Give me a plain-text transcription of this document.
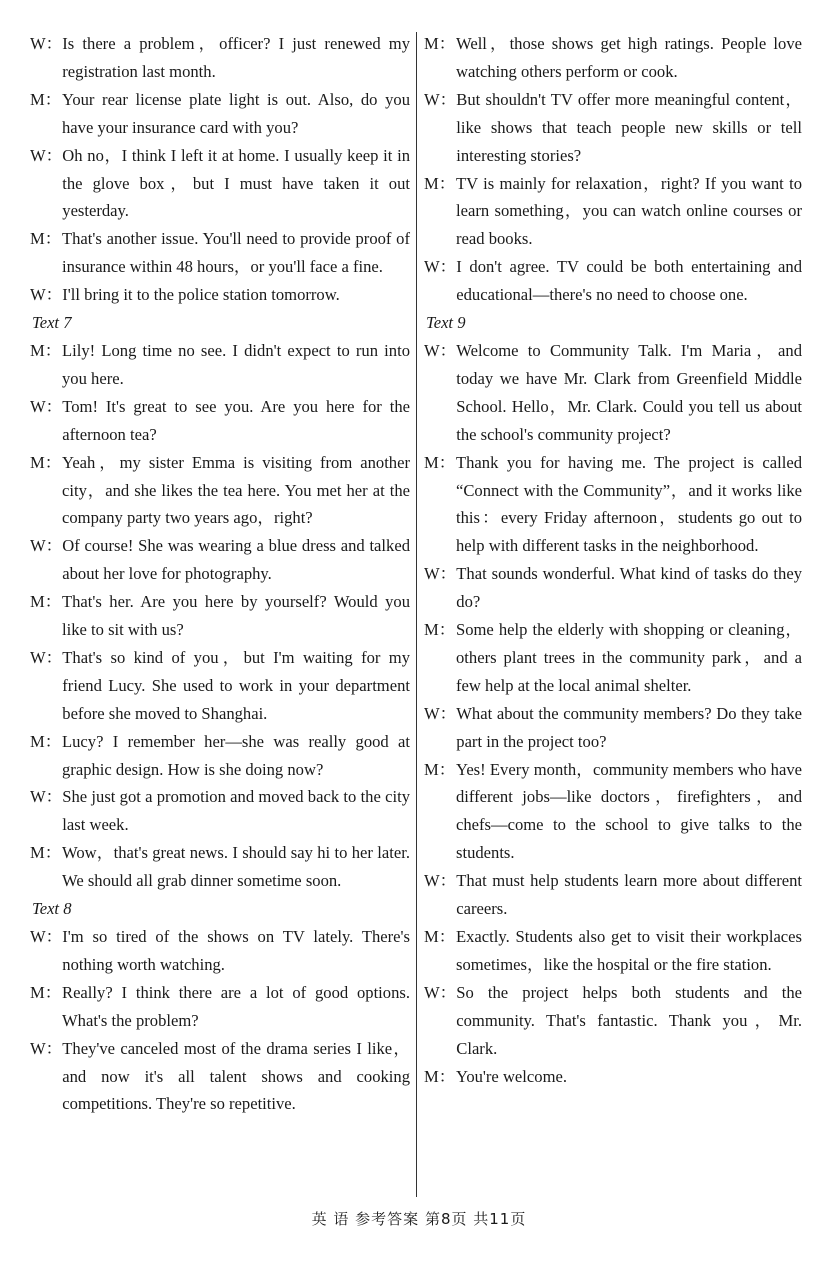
W： Is there a problem，officer? I just renewed my registration last month.
M： Your rear license plate light is out. Also, do you have your insurance card with you?
W： Oh no，I think I left it at home. I usually keep it in the glove box，but I must have taken it out yesterday.
M： That's another issue. You'll need to provide proof of insurance within 48 hours，or you'll face a fine.
W： I'll bring it to the police station tomorrow.
Text 7
M： Lily! Long time no see. I didn't expect to run into you here.
W： Tom! It's great to see you. Are you here for the afternoon tea?
M： Yeah，my sister Emma is visiting from another city，and she likes the tea here. You met her at the company party two years ago，right?
W： Of course! She was wearing a blue dress and talked about her love for photography.
M： That's her. Are you here by yourself? Would you like to sit with us?
W： That's so kind of you，but I'm waiting for my friend Lucy. She used to work in your department before she moved to Shanghai.
M： Lucy? I remember her—she was really good at graphic design. How is she doing now?
W： She just got a promotion and moved back to the city last week.
M： Wow，that's great news. I should say hi to her later. We should all grab dinner sometime soon.
Text 8
W： I'm so tired of the shows on TV lately. There's nothing worth watching.
M： Really? I think there are a lot of good options. What's the problem?
W： They've canceled most of the drama series I like，and now it's all talent shows and cooking competitions. They're so repetitive.
M： Well，those shows get high ratings. People love watching others perform or cook.
W： But shouldn't TV offer more meaningful content，like shows that teach people new skills or tell interesting stories?
M： TV is mainly for relaxation，right? If you want to learn something，you can watch online courses or read books.
W： I don't agree. TV could be both entertaining and educational—there's no need to choose one.
Text 9
W： Welcome to Community Talk. I'm Maria，and today we have Mr. Clark from Greenfield Middle School. Hello，Mr. Clark. Could you tell us about the school's community project?
M： Thank you for having me. The project is called “Connect with the Community”，and it works like this：every Friday afternoon，students go out to help with different tasks in the neighborhood.
W： That sounds wonderful. What kind of tasks do they do?
M： Some help the elderly with shopping or cleaning，others plant trees in the community park，and a few help at the local animal shelter.
W： What about the community members? Do they take part in the project too?
M： Yes! Every month，community members who have different jobs—like doctors，firefighters，and chefs—come to the school to give talks to the students.
W： That must help students learn more about different careers.
M： Exactly. Students also get to visit their workplaces sometimes，like the hospital or the fire station.
W： So the project helps both students and the community. That's fantastic. Thank you，Mr. Clark.
M： You're welcome.
英 语 参考答案 第8页 共11页
